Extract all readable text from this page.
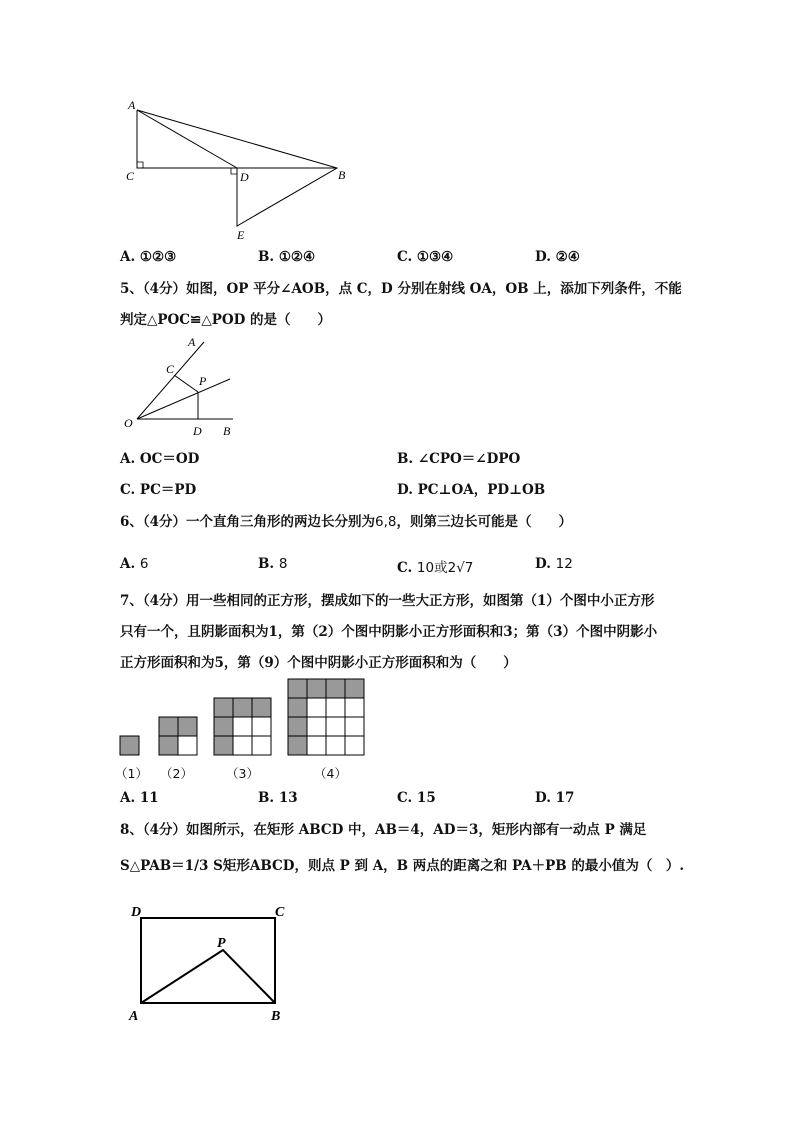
A
C	D	B
E
A. ①②③	B. ①②④	C. ①③④	D. ②④
5、（4分）如图，OP 平分∠AOB，点 C，D 分别在射线 OA，OB 上，添加下列条件，不能
判定△POC≌△POD 的是（　　）
A
C
P
O
D B
A. OC＝OD	B. ∠CPO＝∠DPO
C. PC＝PD	D. PC⊥OA，PD⊥OB
6、（4分）一个直角三角形的两边长分别为6,8，则第三边长可能是（　　）
A. 6	B. 8	C. 10或2√7	D. 12
7、（4分）用一些相同的正方形，摆成如下的一些大正方形，如图第（1）个图中小正方形
只有一个，且阴影面积为1，第（2）个图中阴影小正方形面积和3；第（3）个图中阴影小
正方形面积和为5，第（9）个图中阴影小正方形面积和为（　　）
（1） （2）	（3）	（4）
A. 11	B. 13	C. 15	D. 17
8、（4分）如图所示，在矩形 ABCD 中，AB＝4，AD＝3，矩形内部有一动点 P 满足
S△PAB＝1/3 S矩形ABCD，则点 P 到 A，B 两点的距离之和 PA＋PB 的最小值为（　）.
D	C
P
A	B
